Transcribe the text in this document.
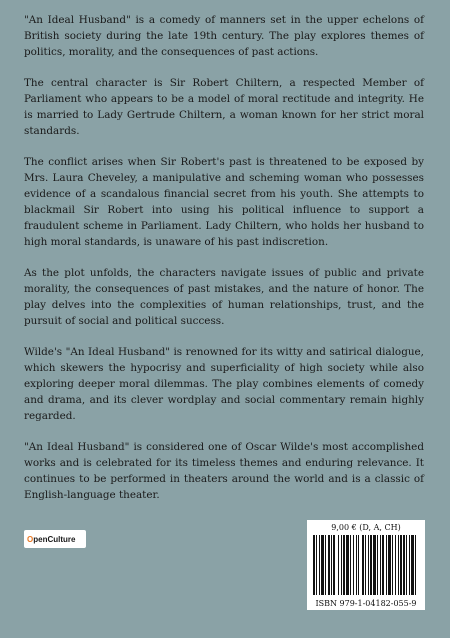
"An Ideal Husband" is a comedy of manners set in the upper echelons of British society during the late 19th century. The play explores themes of politics, morality, and the consequences of past actions.

The central character is Sir Robert Chiltern, a respected Member of Parliament who appears to be a model of moral rectitude and integrity. He is married to Lady Gertrude Chiltern, a woman known for her strict moral standards.

The conflict arises when Sir Robert's past is threatened to be exposed by Mrs. Laura Cheveley, a manipulative and scheming woman who possesses evidence of a scandalous financial secret from his youth. She attempts to blackmail Sir Robert into using his political influence to support a fraudulent scheme in Parliament. Lady Chiltern, who holds her husband to high moral standards, is unaware of his past indiscretion.

As the plot unfolds, the characters navigate issues of public and private morality, the consequences of past mistakes, and the nature of honor. The play delves into the complexities of human relationships, trust, and the pursuit of social and political success.

Wilde's "An Ideal Husband" is renowned for its witty and satirical dialogue, which skewers the hypocrisy and superficiality of high society while also exploring deeper moral dilemmas. The play combines elements of comedy and drama, and its clever wordplay and social commentary remain highly regarded.

"An Ideal Husband" is considered one of Oscar Wilde's most accomplished works and is celebrated for its timeless themes and enduring relevance. It continues to be performed in theaters around the world and is a classic of English-language theater.

O penCulture
9,00 € (D, A, CH)
ISBN 979-1-04182-055-9
